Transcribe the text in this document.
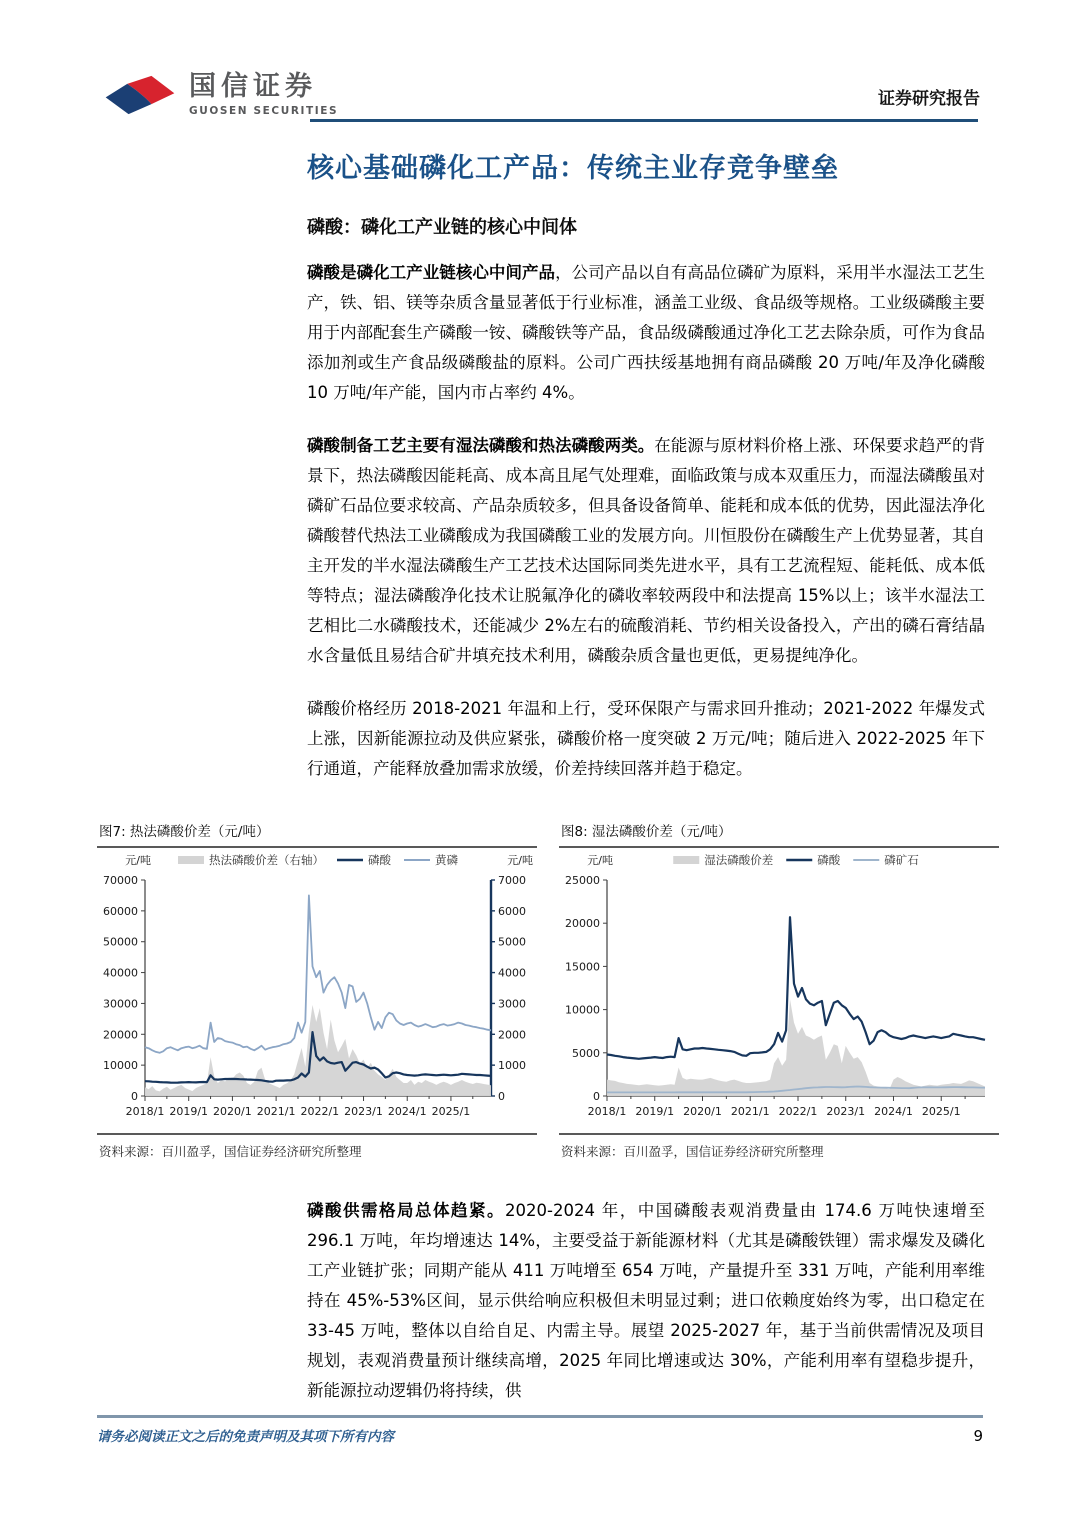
国信证券
GUOSEN SECURITIES
证券研究报告
核心基础磷化工产品：传统主业存竞争壁垒
磷酸：磷化工产业链的核心中间体

磷酸是磷化工产业链核心中间产品，公司产品以自有高品位磷矿为原料，采用半水湿法工艺生产，铁、铝、镁等杂质含量显著低于行业标准，涵盖工业级、食品级等规格。工业级磷酸主要用于内部配套生产磷酸一铵、磷酸铁等产品，食品级磷酸通过净化工艺去除杂质，可作为食品添加剂或生产食品级磷酸盐的原料。公司广西扶绥基地拥有商品磷酸 20 万吨/年及净化磷酸 10 万吨/年产能，国内市占率约 4%。

磷酸制备工艺主要有湿法磷酸和热法磷酸两类。在能源与原材料价格上涨、环保要求趋严的背景下，热法磷酸因能耗高、成本高且尾气处理难，面临政策与成本双重压力，而湿法磷酸虽对磷矿石品位要求较高、产品杂质较多，但具备设备简单、能耗和成本低的优势，因此湿法净化磷酸替代热法工业磷酸成为我国磷酸工业的发展方向。川恒股份在磷酸生产上优势显著，其自主开发的半水湿法磷酸生产工艺技术达国际同类先进水平，具有工艺流程短、能耗低、成本低等特点；湿法磷酸净化技术让脱氟净化的磷收率较两段中和法提高 15%以上；该半水湿法工艺相比二水磷酸技术，还能减少 2%左右的硫酸消耗、节约相关设备投入，产出的磷石膏结晶水含量低且易结合矿井填充技术利用，磷酸杂质含量也更低，更易提纯净化。

磷酸价格经历 2018-2021 年温和上行，受环保限产与需求回升推动；2021-2022 年爆发式上涨，因新能源拉动及供应紧张，磷酸价格一度突破 2 万元/吨；随后进入 2022-2025 年下行通道，产能释放叠加需求放缓，价差持续回落并趋于稳定。

图7: 热法磷酸价差（元/吨）
元/吨	元/吨
热法磷酸价差（右轴）	磷酸	黄磷
0
10000
20000
30000
40000
50000
60000
70000
0
1000
2000
3000
4000
5000
6000
7000
2018/1 2019/1 2020/1 2021/1 2022/1 2023/1 2024/1 2025/1
资料来源：百川盈孚，国信证券经济研究所整理
图8: 湿法磷酸价差（元/吨）
元/吨	湿法磷酸价差	磷酸	磷矿石
0
5000
10000
15000
20000
25000
2018/1 2019/1 2020/1 2021/1 2022/1 2023/1 2024/1 2025/1
资料来源：百川盈孚，国信证券经济研究所整理

磷酸供需格局总体趋紧。2020-2024 年，中国磷酸表观消费量由 174.6 万吨快速增至 296.1 万吨，年均增速达 14%，主要受益于新能源材料（尤其是磷酸铁锂）需求爆发及磷化工产业链扩张；同期产能从 411 万吨增至 654 万吨，产量提升至 331 万吨，产能利用率维持在 45%-53%区间，显示供给响应积极但未明显过剩；进口依赖度始终为零，出口稳定在 33-45 万吨，整体以自给自足、内需主导。展望 2025-2027 年，基于当前供需情况及项目规划，表观消费量预计继续高增，2025 年同比增速或达 30%，产能利用率有望稳步提升，新能源拉动逻辑仍将持续，供

请务必阅读正文之后的免责声明及其项下所有内容	9
